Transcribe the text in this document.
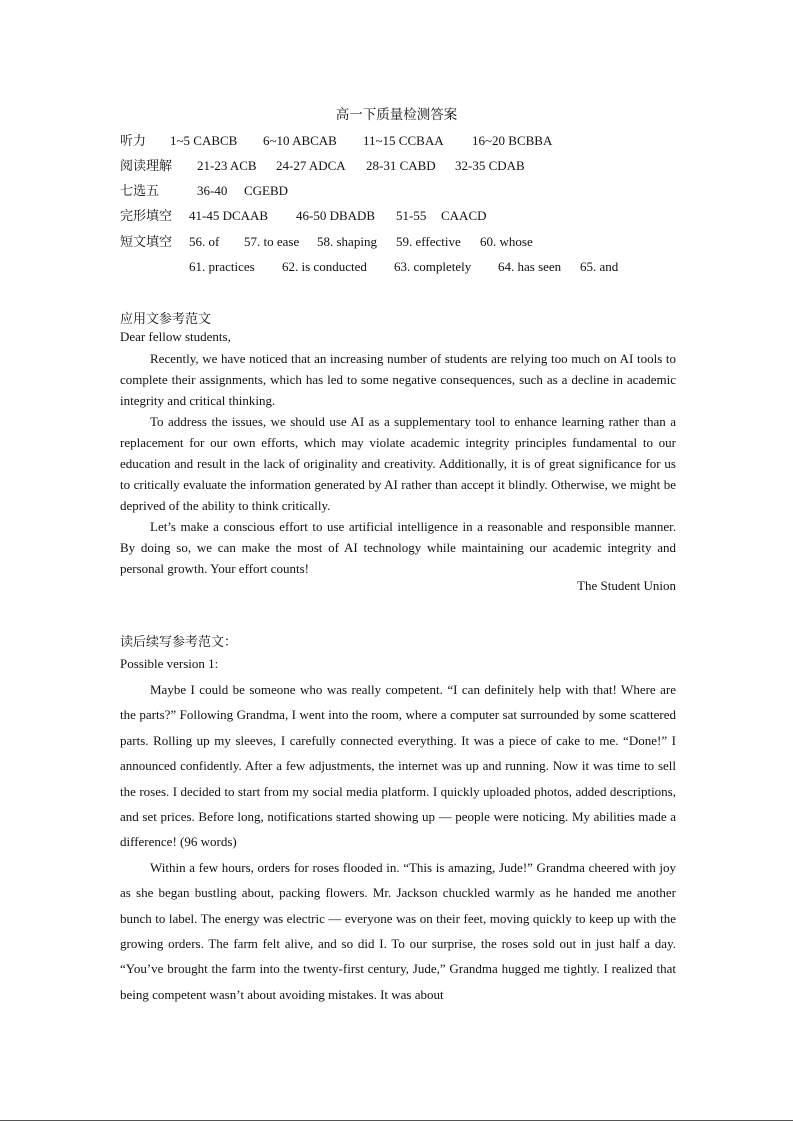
高一下质量检测答案
听力 1~5 CABCB 6~10 ABCAB 11~15 CCBAA 16~20 BCBBA
阅读理解 21-23 ACB 24-27 ADCA 28-31 CABD 32-35 CDAB
七选五	36-40 CGEBD
完形填空 41-45 DCAAB 46-50 DBADB 51-55 CAACD
短文填空 56. of 57. to ease 58. shaping 59. effective 60. whose
61. practices 62. is conducted 63. completely 64. has seen 65. and
应用文参考范文
Dear fellow students,

Recently, we have noticed that an increasing number of students are relying too much on AI tools to complete their assignments, which has led to some negative consequences, such as a decline in academic integrity and critical thinking.

To address the issues, we should use AI as a supplementary tool to enhance learning rather than a replacement for our own efforts, which may violate academic integrity principles fundamental to our education and result in the lack of originality and creativity. Additionally, it is of great significance for us to critically evaluate the information generated by AI rather than accept it blindly. Otherwise, we might be deprived of the ability to think critically.

Let’s make a conscious effort to use artificial intelligence in a reasonable and responsible manner. By doing so, we can make the most of AI technology while maintaining our academic integrity and personal growth. Your effort counts!

The Student Union
读后续写参考范文：
Possible version 1:

Maybe I could be someone who was really competent. “I can definitely help with that! Where are the parts?” Following Grandma, I went into the room, where a computer sat surrounded by some scattered parts. Rolling up my sleeves, I carefully connected everything. It was a piece of cake to me. “Done!” I announced confidently. After a few adjustments, the internet was up and running. Now it was time to sell the roses. I decided to start from my social media platform. I quickly uploaded photos, added descriptions, and set prices. Before long, notifications started showing up — people were noticing. My abilities made a difference! (96 words)

Within a few hours, orders for roses flooded in. “This is amazing, Jude!” Grandma cheered with joy as she began bustling about, packing flowers. Mr. Jackson chuckled warmly as he handed me another bunch to label. The energy was electric — everyone was on their feet, moving quickly to keep up with the growing orders. The farm felt alive, and so did I. To our surprise, the roses sold out in just half a day. “You’ve brought the farm into the twenty-first century, Jude,” Grandma hugged me tightly. I realized that being competent wasn’t about avoiding mistakes. It was about
